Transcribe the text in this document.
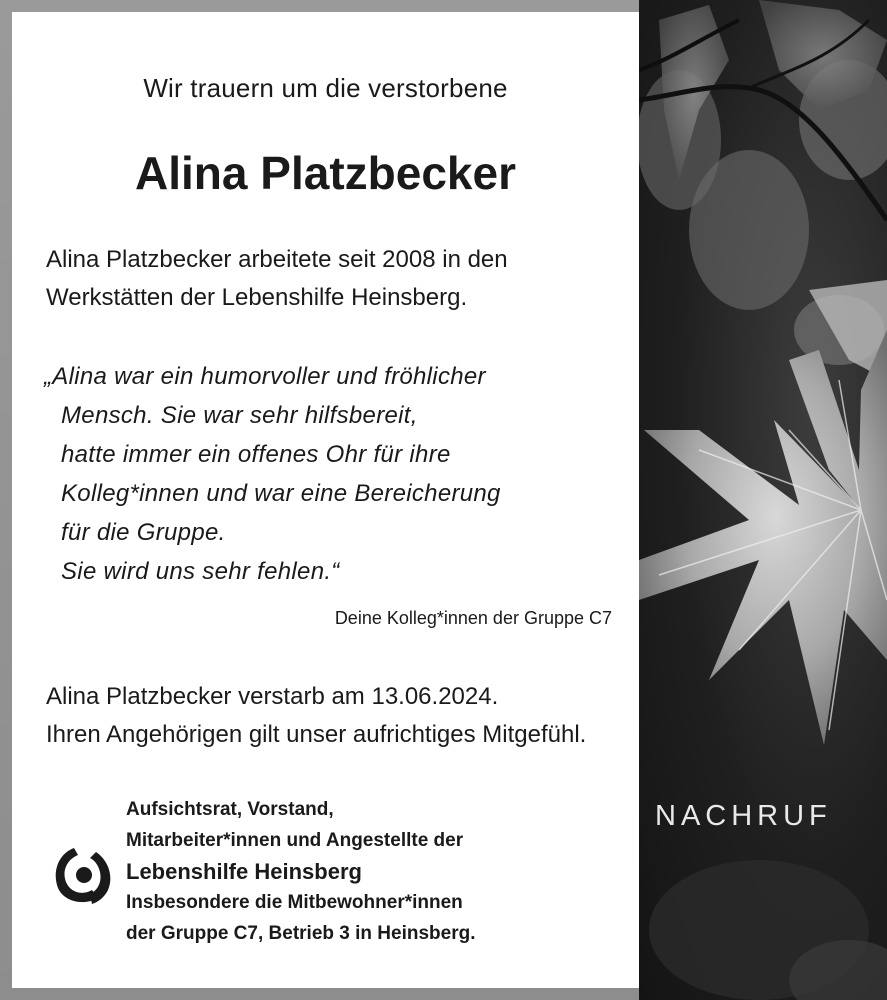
Wir trauern um die verstorbene
Alina Platzbecker
Alina Platzbecker arbeitete seit 2008 in den
Werkstätten der Lebenshilfe Heinsberg.
„Alina war ein humorvoller und fröhlicher
Mensch. Sie war sehr hilfsbereit,
hatte immer ein offenes Ohr für ihre
Kolleg*innen und war eine Bereicherung
für die Gruppe.
Sie wird uns sehr fehlen.“
Deine Kolleg*innen der Gruppe C7
Alina Platzbecker verstarb am 13.06.2024.
Ihren Angehörigen gilt unser aufrichtiges Mitgefühl.
Aufsichtsrat, Vorstand,
Mitarbeiter*innen und Angestellte der
Lebenshilfe Heinsberg
Insbesondere die Mitbewohner*innen
der Gruppe C7, Betrieb 3 in Heinsberg.
NACHRUF
